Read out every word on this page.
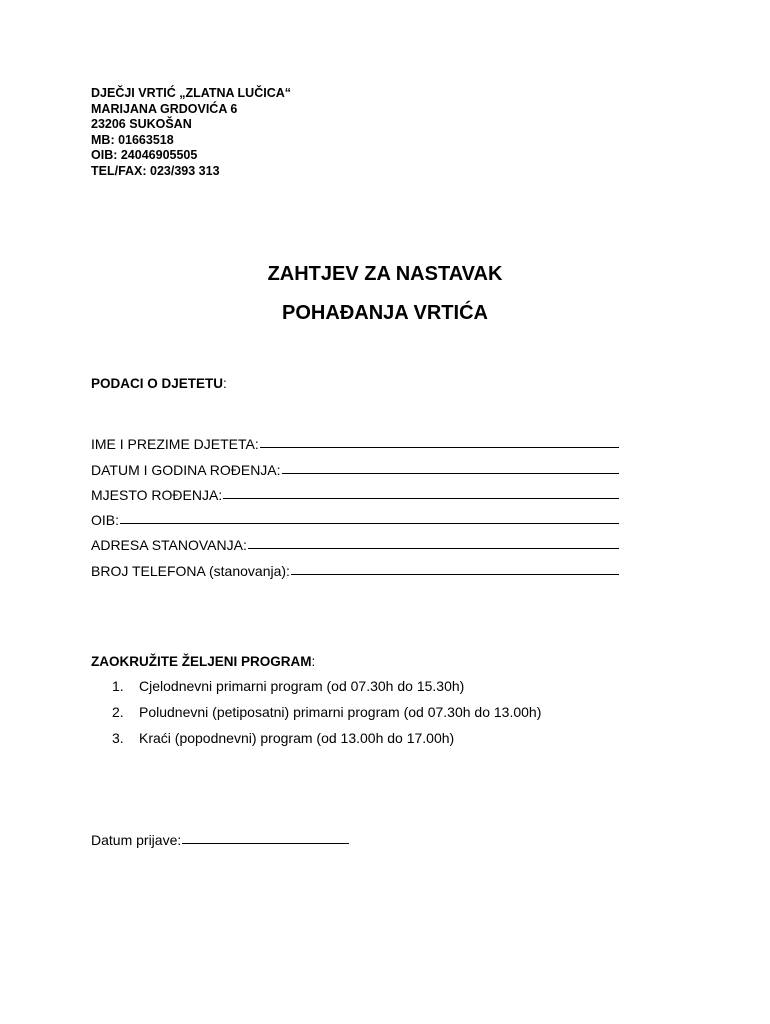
DJEČJI VRTIĆ „ZLATNA LUČICA“
MARIJANA GRDOVIĆA 6
23206 SUKOŠAN
MB: 01663518
OIB: 24046905505
TEL/FAX: 023/393 313
ZAHTJEV ZA NASTAVAK
POHAĐANJA VRTIĆA
PODACI O DJETETU:
IME I PREZIME DJETETA:
DATUM I GODINA ROĐENJA:
MJESTO ROĐENJA:
OIB:
ADRESA STANOVANJA:
BROJ TELEFONA (stanovanja):
ZAOKRUŽITE ŽELJENI PROGRAM:
1. Cjelodnevni primarni program (od 07.30h do 15.30h)
2. Poludnevni (petiposatni) primarni program (od 07.30h do 13.00h)
3. Kraći (popodnevni) program (od 13.00h do 17.00h)
Datum prijave:
